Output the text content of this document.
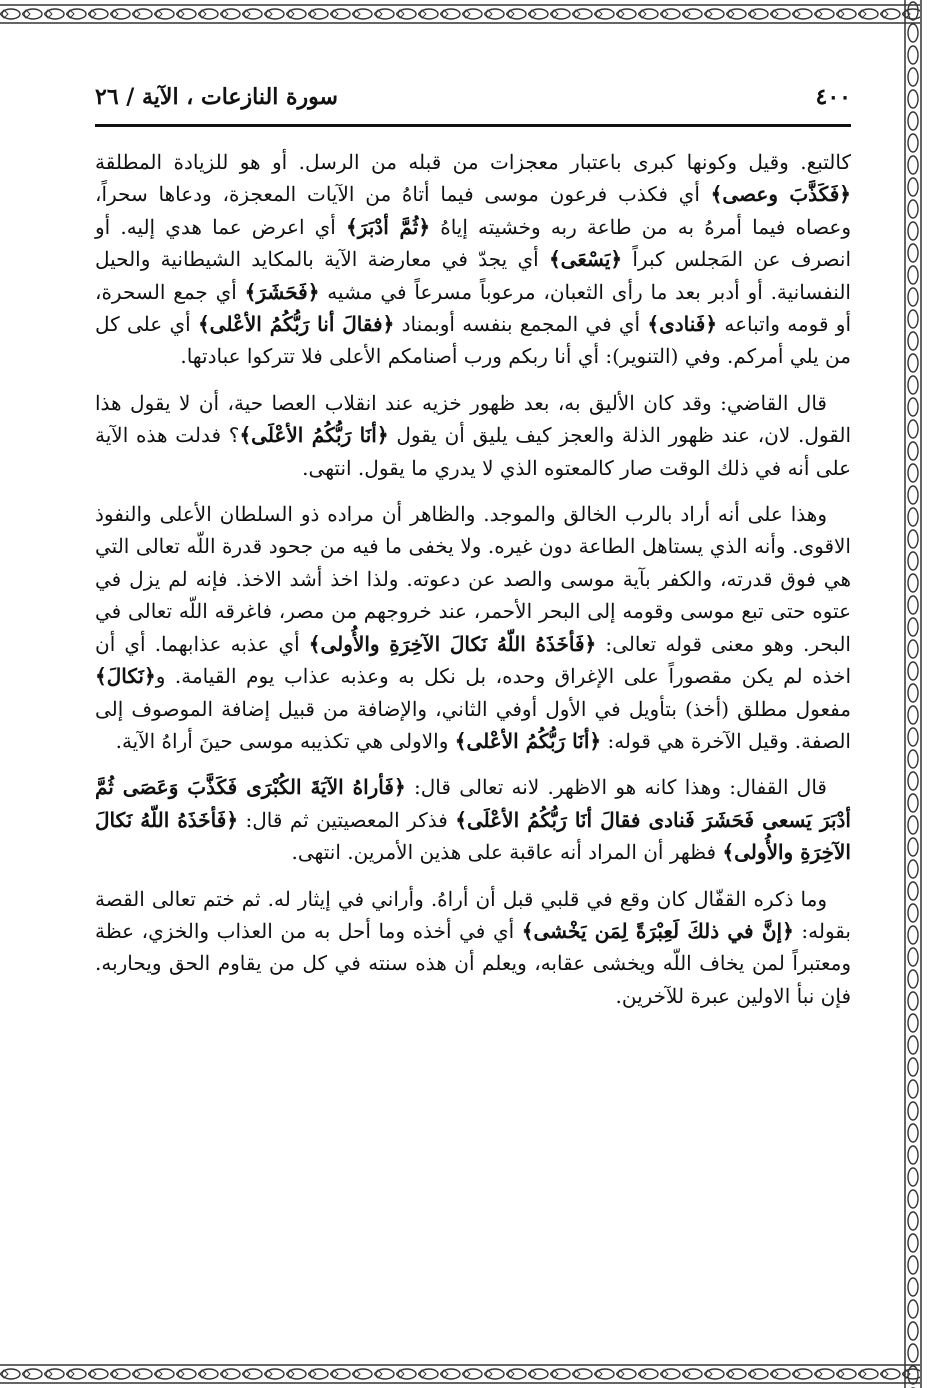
٤٠٠
سورة النازعات ، الآية / ٢٦

كالتبع. وقيل وكونها كبرى باعتبار معجزات من قبله من الرسل. أو هو للزيادة المطلقة ﴿فَكَذَّبَ وعصى﴾ أي فكذب فرعون موسى فيما أتاهُ من الآيات المعجزة، ودعاها سحراً، وعصاه فيما أمرهُ به من طاعة ربه وخشيته إياهُ ﴿ثُمَّ أدْبَرَ﴾ أي اعرض عما هدي إليه. أو انصرف عن المَجلس كبراً ﴿يَسْعَى﴾ أي يجدّ في معارضة الآية بالمكايد الشيطانية والحيل النفسانية. أو أدبر بعد ما رأى الثعبان، مرعوباً مسرعاً في مشيه ﴿فَحَشَرَ﴾ أي جمع السحرة، أو قومه واتباعه ﴿فَنادى﴾ أي في المجمع بنفسه أوبمناد ﴿فقالَ أنا رَبُّكُمُ الأعْلى﴾ أي على كل من يلي أمركم. وفي (التنوير): أي أنا ربكم ورب أصنامكم الأعلى فلا تتركوا عبادتها.

قال القاضي: وقد كان الأليق به، بعد ظهور خزيه عند انقلاب العصا حية، أن لا يقول هذا القول. لان، عند ظهور الذلة والعجز كيف يليق أن يقول ﴿أنَا رَبُّكُمُ الأعْلَى﴾؟ فدلت هذه الآية على أنه في ذلك الوقت صار كالمعتوه الذي لا يدري ما يقول. انتهى.

وهذا على أنه أراد بالرب الخالق والموجد. والظاهر أن مراده ذو السلطان الأعلى والنفوذ الاقوى. وأنه الذي يستاهل الطاعة دون غيره. ولا يخفى ما فيه من جحود قدرة اللّه تعالى التي هي فوق قدرته، والكفر بآية موسى والصد عن دعوته. ولذا اخذ أشد الاخذ. فإنه لم يزل في عتوه حتى تبع موسى وقومه إلى البحر الأحمر، عند خروجهم من مصر، فاغرقه اللّه تعالى في البحر. وهو معنى قوله تعالى: ﴿فَأخَذَهُ اللّهُ نَكالَ الآخِرَةِ والأُولى﴾ أي عذبه عذابهما. أي أن اخذه لم يكن مقصوراً على الإغراق وحده، بل نكل به وعذبه عذاب يوم القيامة. و﴿نَكالَ﴾ مفعول مطلق (أخذ) بتأويل في الأول أوفي الثاني، والإضافة من قبيل إضافة الموصوف إلى الصفة. وقيل الآخرة هي قوله: ﴿أنَا رَبُّكُمُ الأعْلى﴾ والاولى هي تكذيبه موسى حينَ أراهُ الآية.

قال القفال: وهذا كانه هو الاظهر. لانه تعالى قال: ﴿فَأراهُ الآيَةَ الكُبْرَى فَكَذَّبَ وَعَصَى ثُمَّ أدْبَرَ يَسعى فَحَشَرَ فَنادى فقالَ أنَا رَبُّكُمُ الأعْلَى﴾ فذكر المعصيتين ثم قال: ﴿فَأخَذَهُ اللّهُ نَكالَ الآخِرَةِ والأُولى﴾ فظهر أن المراد أنه عاقبة على هذين الأمرين. انتهى.

وما ذكره القفّال كان وقع في قلبي قبل أن أراهُ. وأراني في إيثار له. ثم ختم تعالى القصة بقوله: ﴿إنَّ في ذلكَ لَعِبْرَةً لِمَن يَخْشى﴾ أي في أخذه وما أحل به من العذاب والخزي، عظة ومعتبراً لمن يخاف اللّه ويخشى عقابه، ويعلم أن هذه سنته في كل من يقاوم الحق ويحاربه. فإن نبأ الاولين عبرة للآخرين.
